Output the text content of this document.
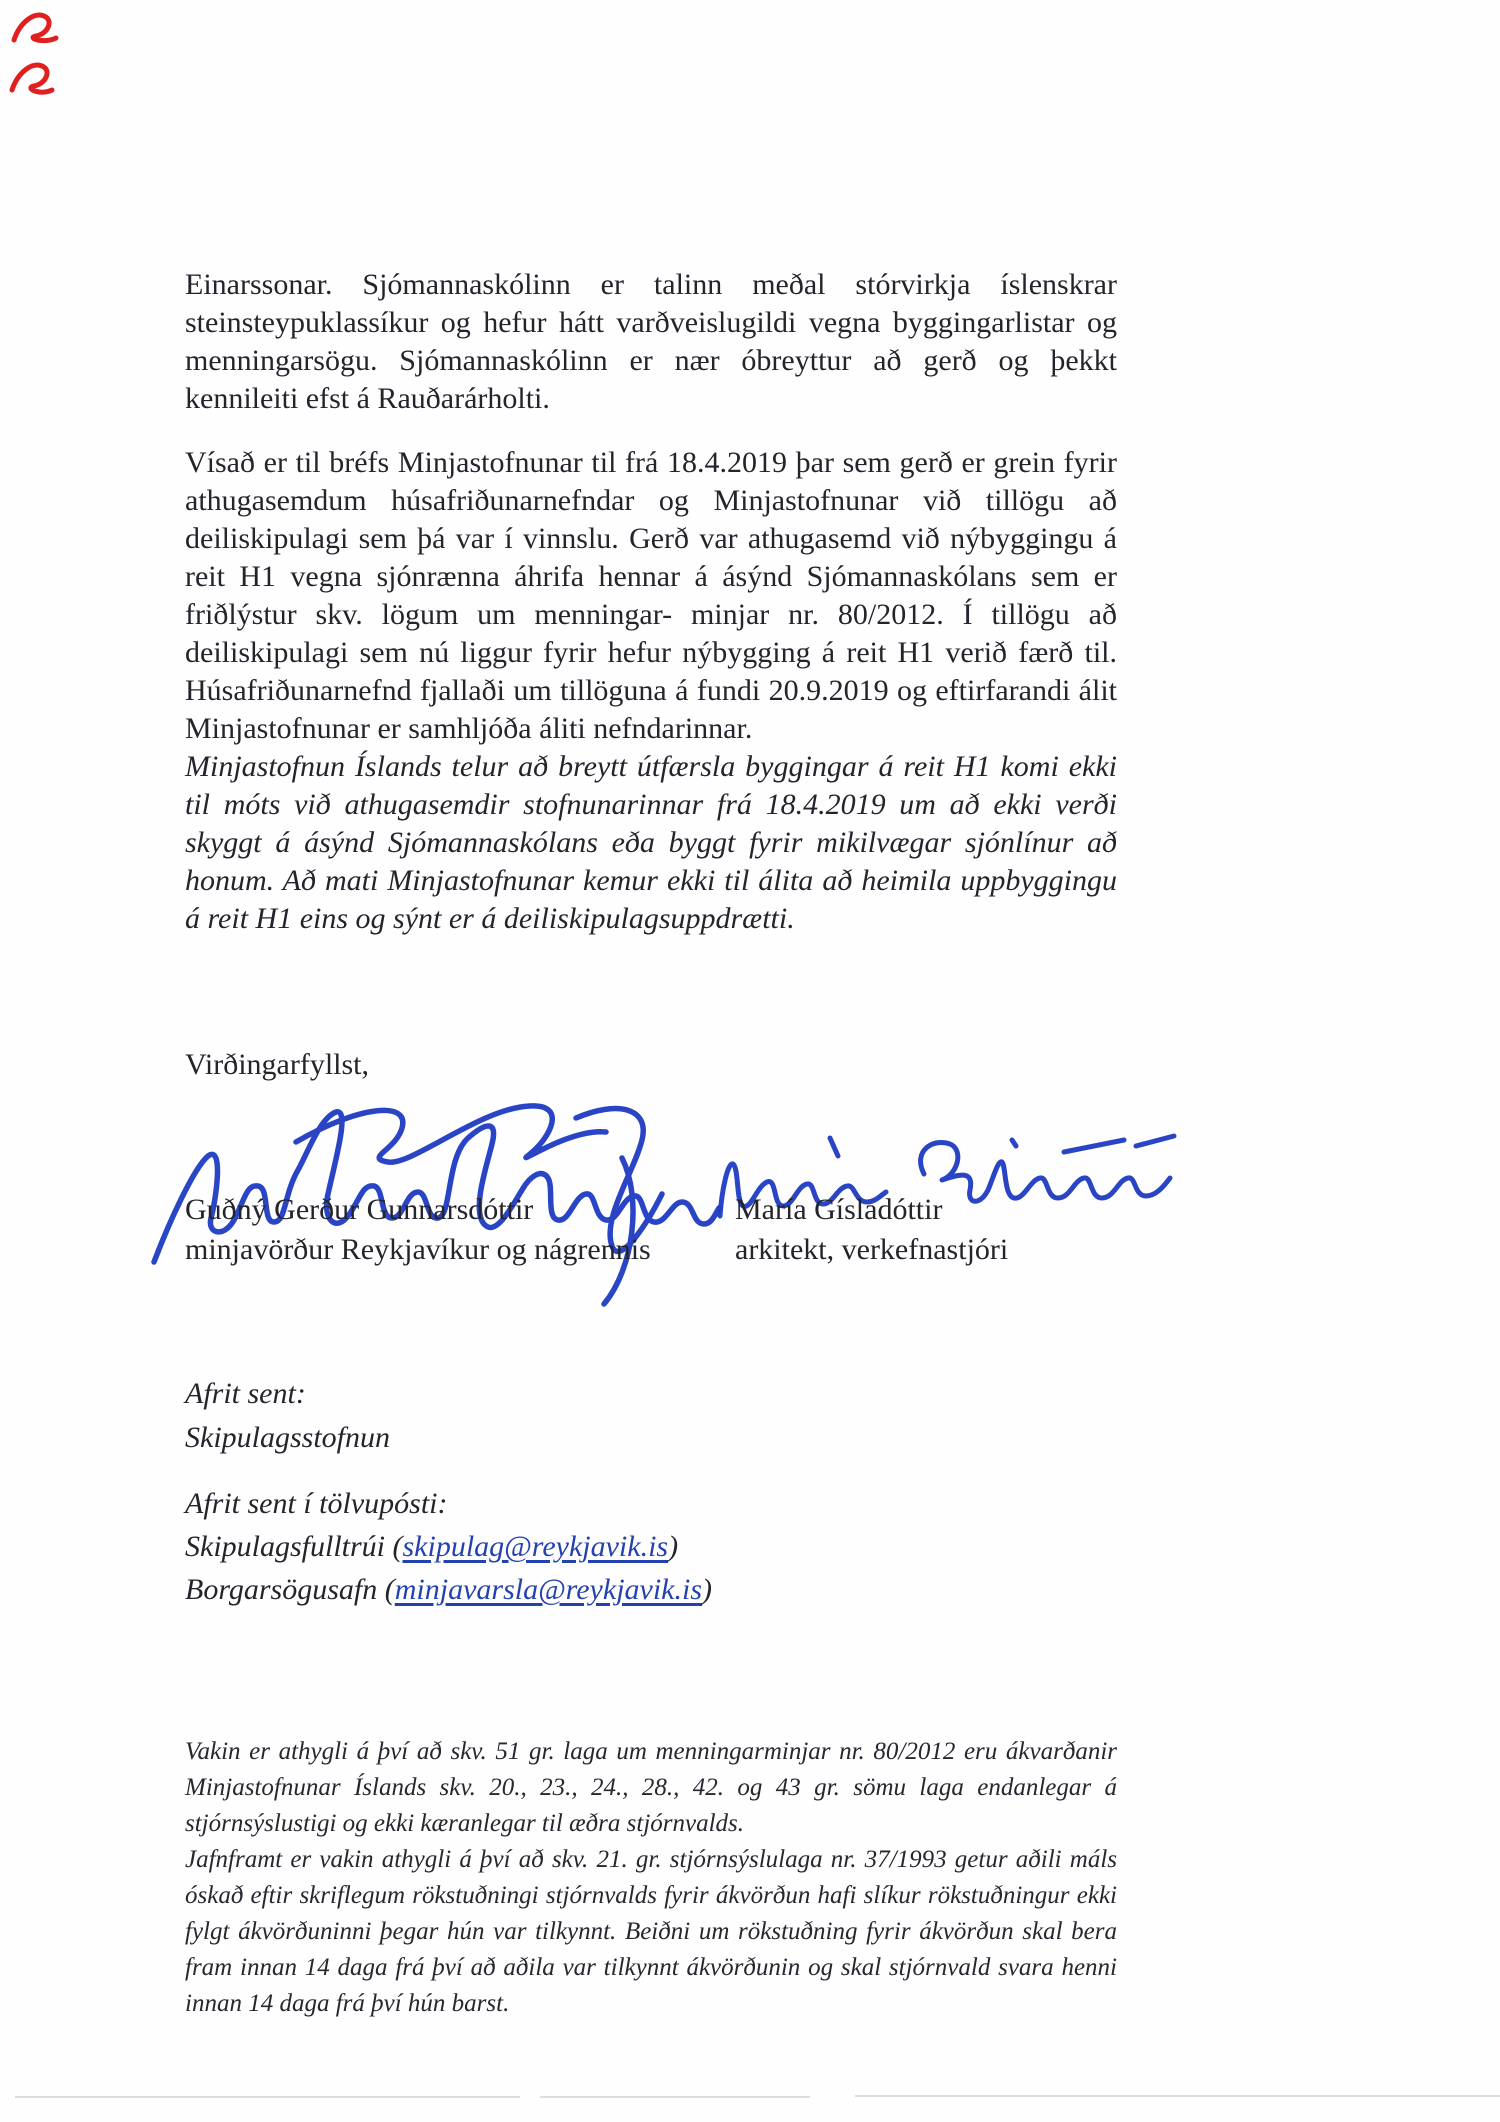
Einarssonar. Sjómannaskólinn er talinn meðal stórvirkja íslenskrar steinsteypuklassíkur og hefur hátt varðveislugildi vegna byggingarlistar og menningarsögu. Sjómannaskólinn er nær óbreyttur að gerð og þekkt kennileiti efst á Rauðarárholti.

Vísað er til bréfs Minjastofnunar til frá 18.4.2019 þar sem gerð er grein fyrir athugasemdum húsafriðunarnefndar og Minjastofnunar við tillögu að deiliskipulagi sem þá var í vinnslu. Gerð var athugasemd við nýbyggingu á reit H1 vegna sjónrænna áhrifa hennar á ásýnd Sjómannaskólans sem er friðlýstur skv. lögum um menningar- minjar nr. 80/2012. Í tillögu að deiliskipulagi sem nú liggur fyrir hefur nýbygging á reit H1 verið færð til. Húsafriðunarnefnd fjallaði um tillöguna á fundi 20.9.2019 og eftirfarandi álit Minjastofnunar er samhljóða áliti nefndarinnar.

Minjastofnun Íslands telur að breytt útfærsla byggingar á reit H1 komi ekki til móts við athugasemdir stofnunarinnar frá 18.4.2019 um að ekki verði skyggt á ásýnd Sjómannaskólans eða byggt fyrir mikilvægar sjónlínur að honum. Að mati Minjastofnunar kemur ekki til álita að heimila uppbyggingu á reit H1 eins og sýnt er á deiliskipulagsuppdrætti.

Virðingarfyllst,

Guðný Gerður Gunnarsdóttir

minjavörður Reykjavíkur og nágrennis

María Gísladóttir

arkitekt, verkefnastjóri

Afrit sent:

Skipulagsstofnun

Afrit sent í tölvupósti:

Skipulagsfulltrúi (skipulag@reykjavik.is)

Borgarsögusafn (minjavarsla@reykjavik.is)

Vakin er athygli á því að skv. 51 gr. laga um menningarminjar nr. 80/2012 eru ákvarðanir Minjastofnunar Íslands skv. 20., 23., 24., 28., 42. og 43 gr. sömu laga endanlegar á stjórnsýslustigi og ekki kæranlegar til æðra stjórnvalds.

Jafnframt er vakin athygli á því að skv. 21. gr. stjórnsýslulaga nr. 37/1993 getur aðili máls óskað eftir skriflegum rökstuðningi stjórnvalds fyrir ákvörðun hafi slíkur rökstuðningur ekki fylgt ákvörðuninni þegar hún var tilkynnt. Beiðni um rökstuðning fyrir ákvörðun skal bera fram innan 14 daga frá því að aðila var tilkynnt ákvörðunin og skal stjórnvald svara henni innan 14 daga frá því hún barst.
